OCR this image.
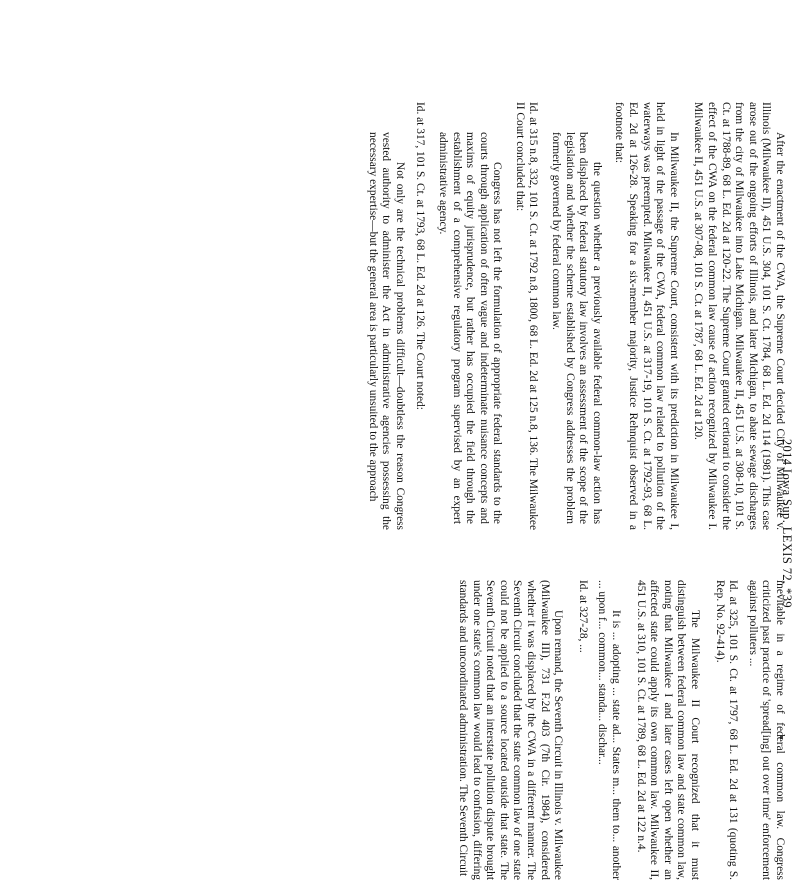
2014 Iowa Sup. LEXIS 72, *39

After the enactment of the CWA, the Supreme Court decided City of Milwaukee v. Illinois (Milwaukee II), 451 U.S. 304, 101 S. Ct. 1784, 68 L. Ed. 2d 114 (1981). This case arose out of the ongoing efforts of Illinois, and later Michigan, to abate sewage discharges from the city of Milwaukee into Lake Michigan. Milwaukee II, 451 U.S. at 308-10, 101 S. Ct. at 1788-89, 68 L. Ed. 2d at 120-22. The Supreme Court granted certiorari to consider the effect of the CWA on the federal common law cause of action recognized by Milwaukee I. Milwaukee II, 451 U.S. at 307-08, 101 S. Ct. at 1787, 68 L. Ed. 2d at 120.

In Milwaukee II, the Supreme Court, consistent with its prediction in Milwaukee I, held in light of the passage of the CWA, federal common law related to pollution of the waterways was preempted. Milwaukee II, 451 U.S. at 317-19, 101 S. Ct. at 1792-93, 68 L. Ed. 2d at 126-28. Speaking for a six-member majority, Justice Rehnquist observed in a footnote that:

the question whether a previously available federal common-law action has been displaced by federal statutory law involves an assessment of the scope of the legislation and whether the scheme established by Congress addresses the problem formerly governed by federal common law.

Id. at 315 n.8, 332, 101 S. Ct. at 1792 n.8, 1800, 68 L. Ed. 2d at 125 n.8, 136. The Milwaukee II Court concluded that:

Congress has not left the formulation of appropriate federal standards to the courts through application of often vague and indeterminate nuisance concepts and maxims of equity jurisprudence, but rather has occupied the field through the establishment of a comprehensive regulatory program supervised by an expert administrative agency.

Id. at 317, 101 S. Ct. at 1793, 68 L. Ed. 2d at 126. The Court noted:

Not only are the technical problems difficult—doubtless the reason Congress vested authority to administer the Act in administrative agencies possessing the necessary expertise—but the general area is particularly unsuited to the approach

inevitable in a regime of federal common law. Congress criticized past practice of 'spread[ing] out over time' enforcement against polluters ...

Id. at 325, 101 S. Ct. at 1797, 68 L. Ed. 2d at 131 (quoting S. Rep. No. 92-414).

The Milwaukee II Court recognized that it must distinguish between federal common law and state common law, noting that Milwaukee I and later cases left open whether an affected state could apply its own common law. Milwaukee II, 451 U.S. at 310, 101 S. Ct. at 1789, 68 L. Ed. 2d at 122 n.4.

It is ... adopting ... state ad... States m... them to... another ... upon f... common... standa... dischar...

Id. at 327-28, ...

Upon remand, the Seventh Circuit in Illinois v. Milwaukee (Milwaukee III), 731 F.2d 403 (7th Cir. 1984), considered whether it was displaced by the CWA in a different manner. The Seventh Circuit concluded that the state common law of one state could not be applied to a source located outside that state. The Seventh Circuit noted that an interstate pollution dispute brought under one state's common law would lead to confusion, differing standards and uncoordinated administration. The Seventh Circuit
